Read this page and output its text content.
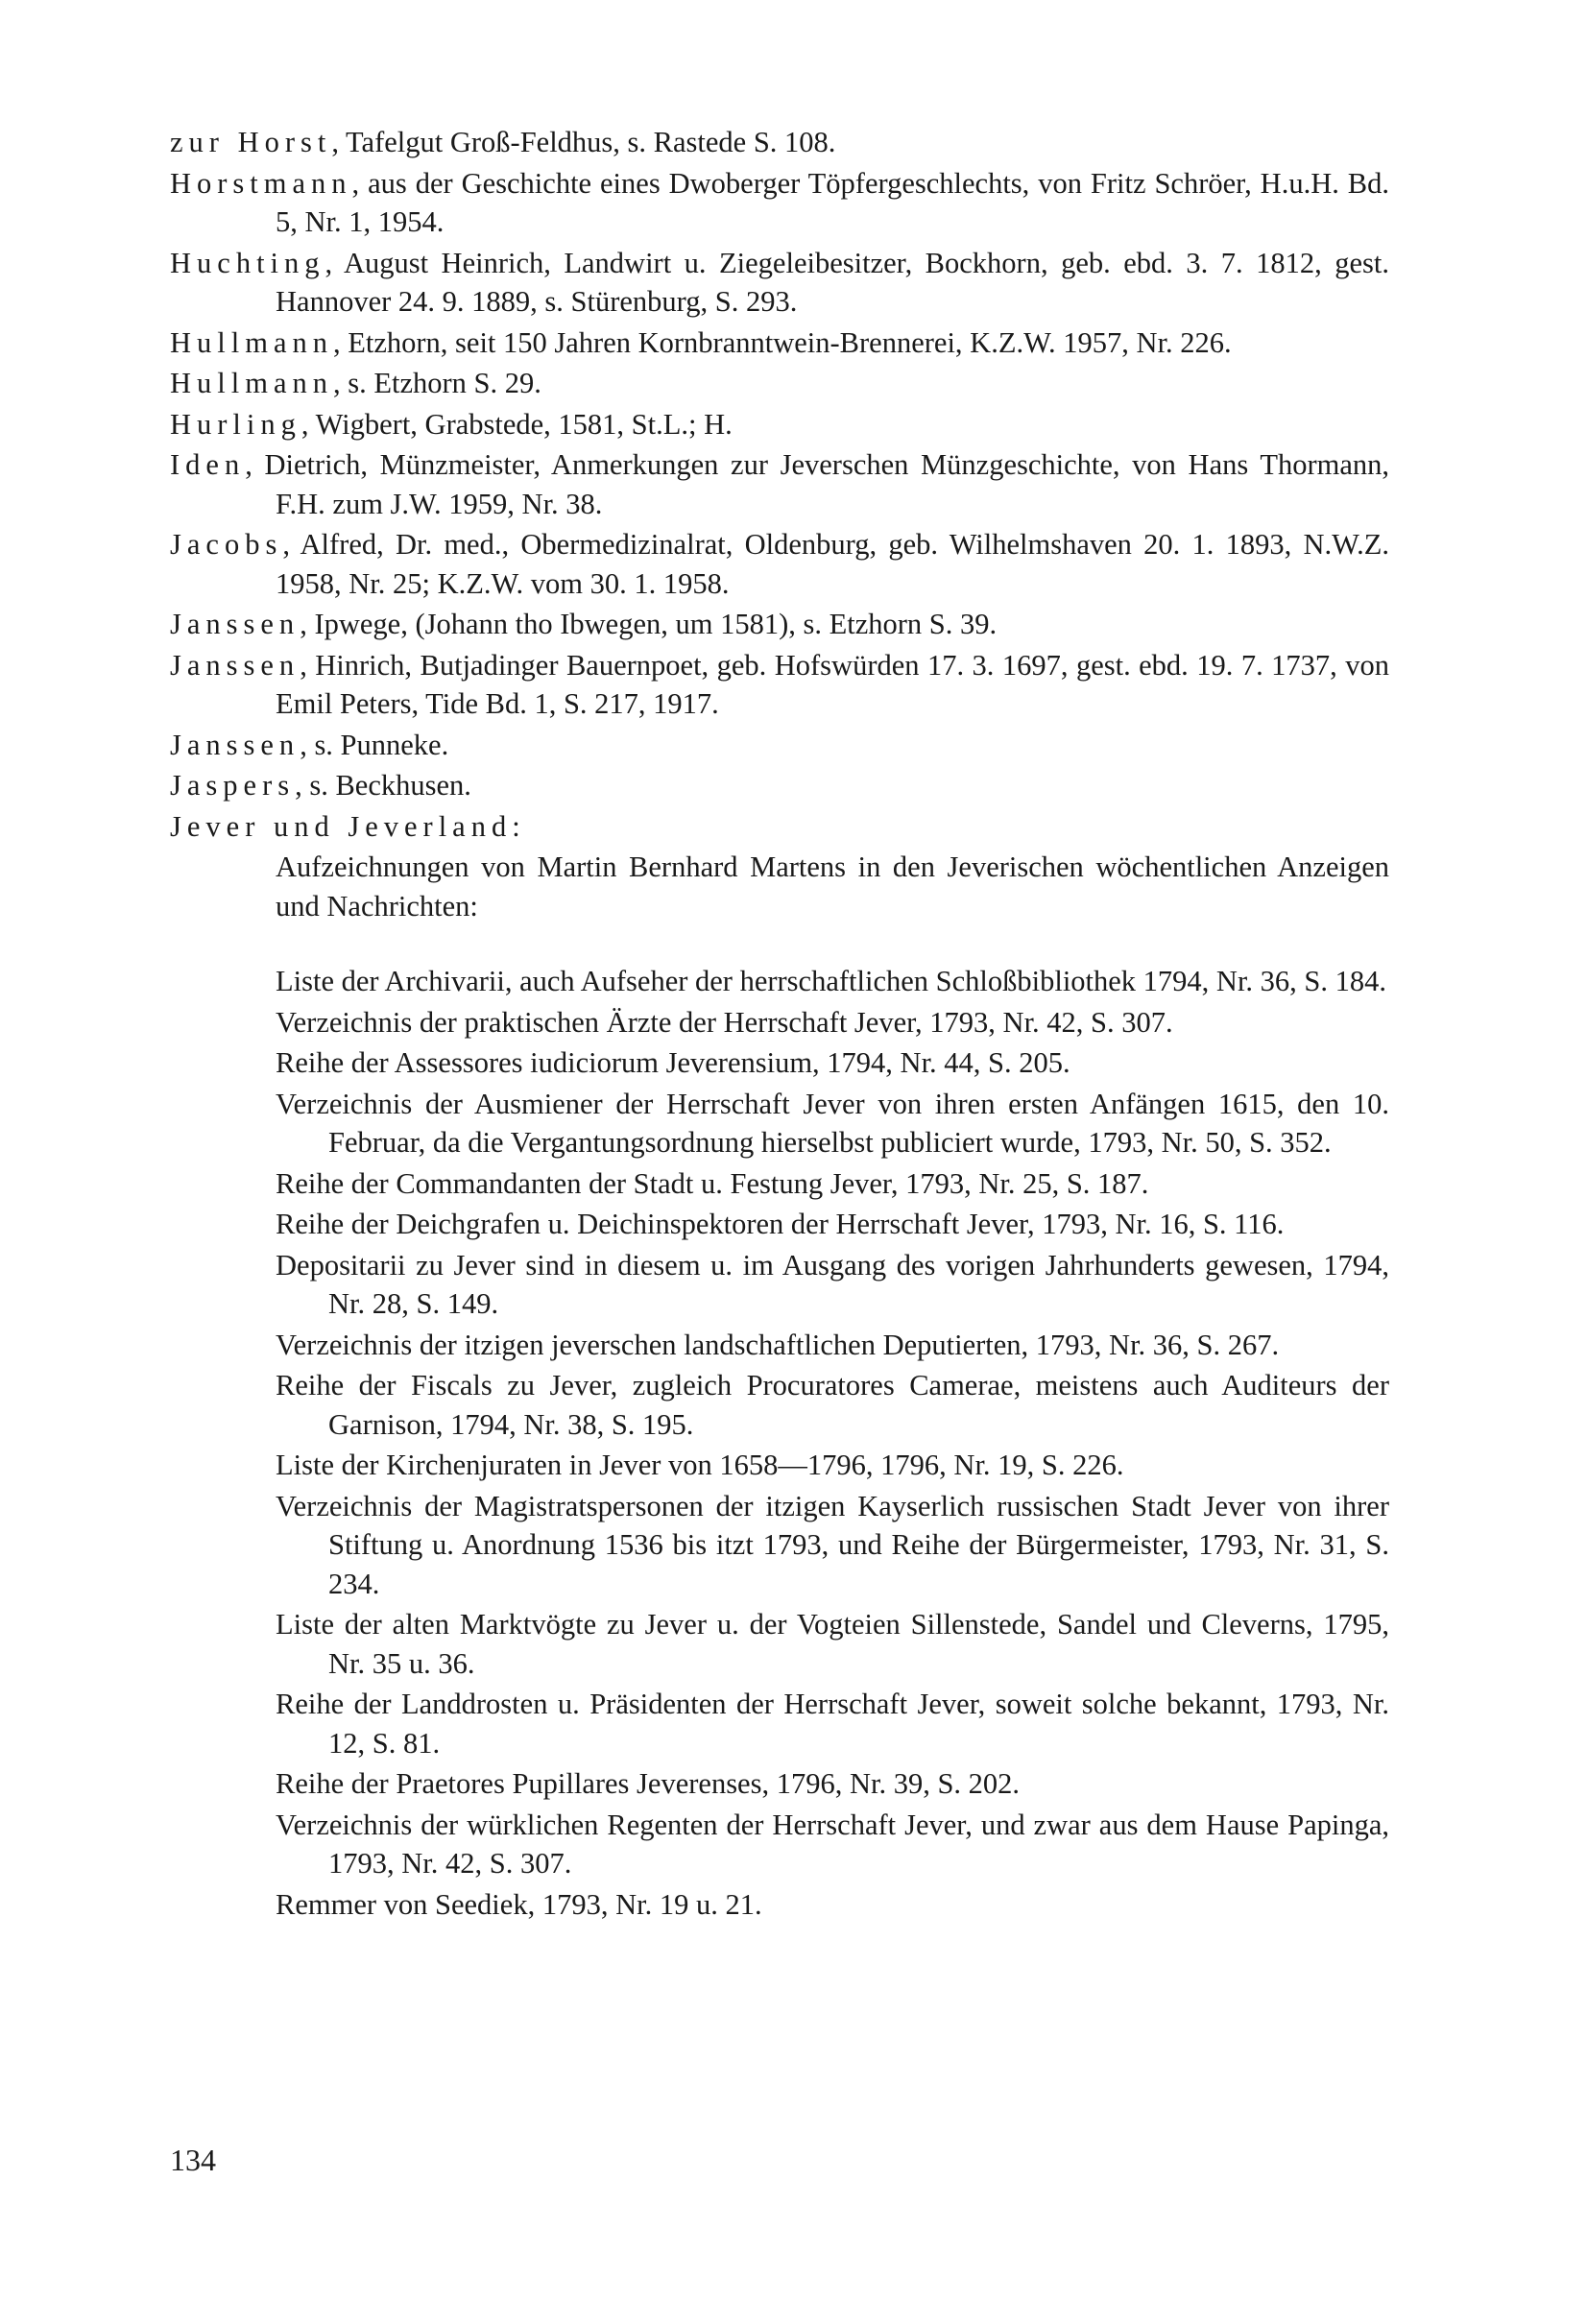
zur Horst, Tafelgut Groß-Feldhus, s. Rastede S. 108.

Horstmann, aus der Geschichte eines Dwoberger Töpfergeschlechts, von Fritz Schröer, H.u.H. Bd. 5, Nr. 1, 1954.

Huchting, August Heinrich, Landwirt u. Ziegeleibesitzer, Bockhorn, geb. ebd. 3. 7. 1812, gest. Hannover 24. 9. 1889, s. Stürenburg, S. 293.

Hullmann, Etzhorn, seit 150 Jahren Kornbranntwein-Brennerei, K.Z.W. 1957, Nr. 226.

Hullmann, s. Etzhorn S. 29.

Hurling, Wigbert, Grabstede, 1581, St.L.; H.

Iden, Dietrich, Münzmeister, Anmerkungen zur Jeverschen Münzgeschichte, von Hans Thormann, F.H. zum J.W. 1959, Nr. 38.

Jacobs, Alfred, Dr. med., Obermedizinalrat, Oldenburg, geb. Wilhelmshaven 20. 1. 1893, N.W.Z. 1958, Nr. 25; K.Z.W. vom 30. 1. 1958.

Janssen, Ipwege, (Johann tho Ibwegen, um 1581), s. Etzhorn S. 39.

Janssen, Hinrich, Butjadinger Bauernpoet, geb. Hofswürden 17. 3. 1697, gest. ebd. 19. 7. 1737, von Emil Peters, Tide Bd. 1, S. 217, 1917.

Janssen, s. Punneke.

Jaspers, s. Beckhusen.

Jever und Jeverland:

Aufzeichnungen von Martin Bernhard Martens in den Jeverischen wöchentlichen Anzeigen und Nachrichten:

Liste der Archivarii, auch Aufseher der herrschaftlichen Schloßbibliothek 1794, Nr. 36, S. 184.

Verzeichnis der praktischen Ärzte der Herrschaft Jever, 1793, Nr. 42, S. 307.

Reihe der Assessores iudiciorum Jeverensium, 1794, Nr. 44, S. 205.

Verzeichnis der Ausmiener der Herrschaft Jever von ihren ersten Anfängen 1615, den 10. Februar, da die Vergantungsordnung hierselbst publiciert wurde, 1793, Nr. 50, S. 352.

Reihe der Commandanten der Stadt u. Festung Jever, 1793, Nr. 25, S. 187.

Reihe der Deichgrafen u. Deichinspektoren der Herrschaft Jever, 1793, Nr. 16, S. 116.

Depositarii zu Jever sind in diesem u. im Ausgang des vorigen Jahrhunderts gewesen, 1794, Nr. 28, S. 149.

Verzeichnis der itzigen jeverschen landschaftlichen Deputierten, 1793, Nr. 36, S. 267.

Reihe der Fiscals zu Jever, zugleich Procuratores Camerae, meistens auch Auditeurs der Garnison, 1794, Nr. 38, S. 195.

Liste der Kirchenjuraten in Jever von 1658—1796, 1796, Nr. 19, S. 226.

Verzeichnis der Magistratspersonen der itzigen Kayserlich russischen Stadt Jever von ihrer Stiftung u. Anordnung 1536 bis itzt 1793, und Reihe der Bürgermeister, 1793, Nr. 31, S. 234.

Liste der alten Marktvögte zu Jever u. der Vogteien Sillenstede, Sandel und Cleverns, 1795, Nr. 35 u. 36.

Reihe der Landdrosten u. Präsidenten der Herrschaft Jever, soweit solche bekannt, 1793, Nr. 12, S. 81.

Reihe der Praetores Pupillares Jeverenses, 1796, Nr. 39, S. 202.

Verzeichnis der würklichen Regenten der Herrschaft Jever, und zwar aus dem Hause Papinga, 1793, Nr. 42, S. 307.

Remmer von Seediek, 1793, Nr. 19 u. 21.

134
